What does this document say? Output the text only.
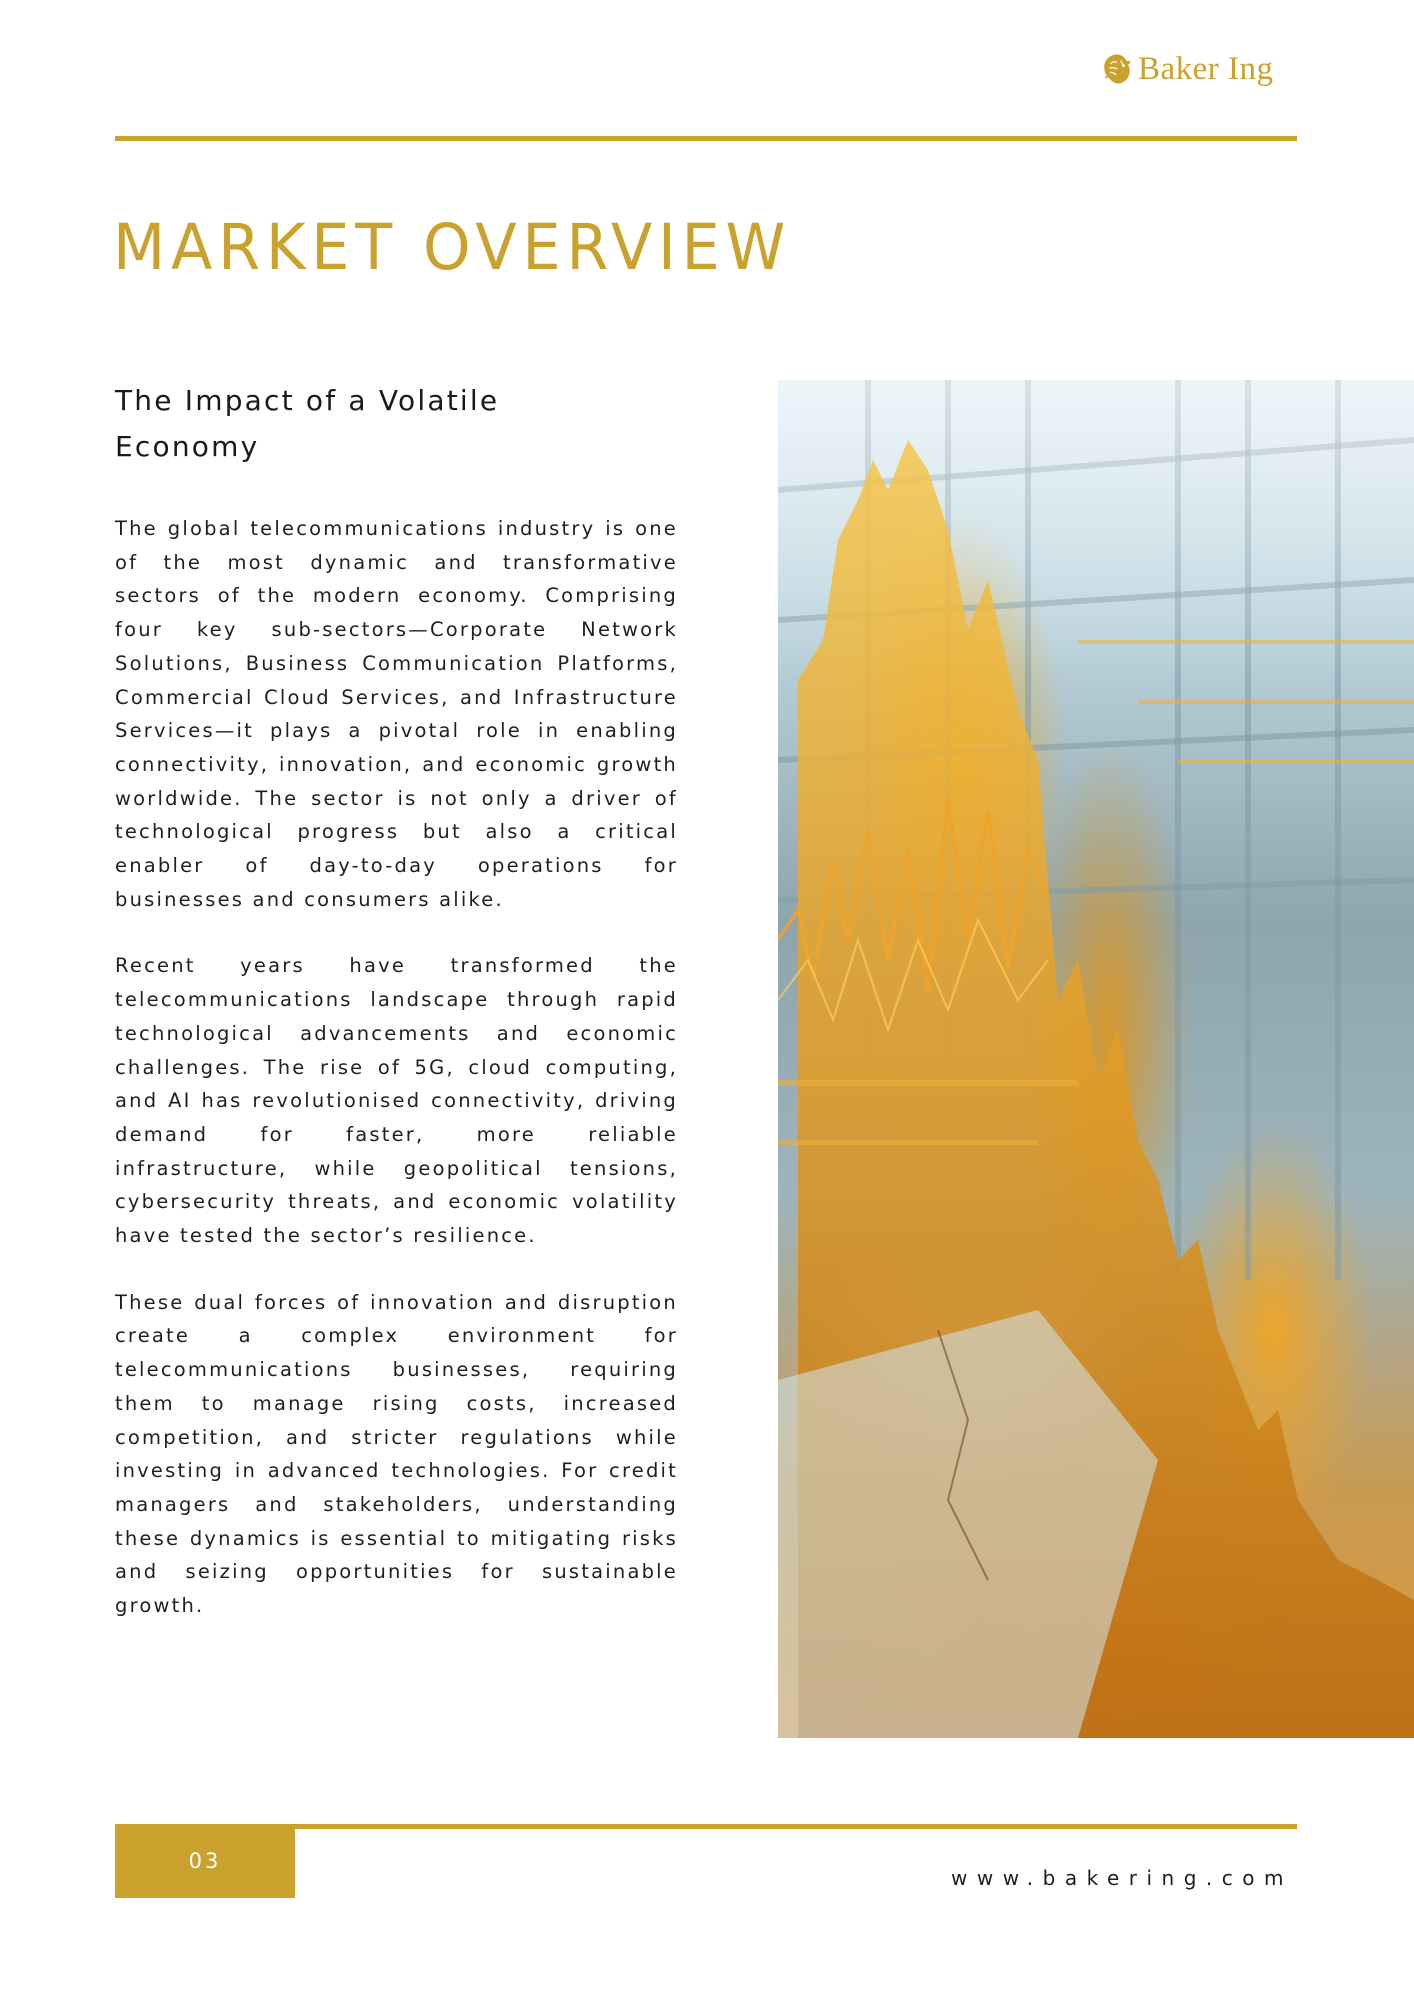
Baker Ing
MARKET OVERVIEW
The Impact of a Volatile Economy

The global telecommunications industry is one of the most dynamic and transformative sectors of the modern economy. Comprising four key sub-sectors—Corporate Network Solutions, Business Communication Platforms, Commercial Cloud Services, and Infrastructure Services—it plays a pivotal role in enabling connectivity, innovation, and economic growth worldwide. The sector is not only a driver of technological progress but also a critical enabler of day-to-day operations for businesses and consumers alike.

Recent years have transformed the telecommunications landscape through rapid technological advancements and economic challenges. The rise of 5G, cloud computing, and AI has revolutionised connectivity, driving demand for faster, more reliable infrastructure, while geopolitical tensions, cybersecurity threats, and economic volatility have tested the sector’s resilience.

These dual forces of innovation and disruption create a complex environment for telecommunications businesses, requiring them to manage rising costs, increased competition, and stricter regulations while investing in advanced technologies. For credit managers and stakeholders, understanding these dynamics is essential to mitigating risks and seizing opportunities for sustainable growth.

03
www.bakering.com
